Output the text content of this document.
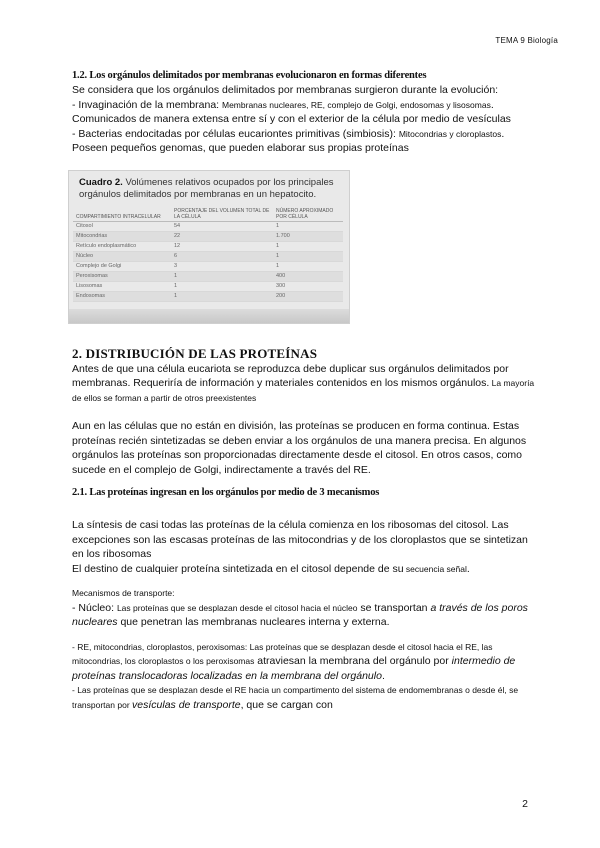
TEMA 9 Biología
1.2. Los orgánulos delimitados por membranas evolucionaron en formas diferentes

Se considera que los orgánulos delimitados por membranas surgieron durante la evolución:

- Invaginación de la membrana: Membranas nucleares, RE, complejo de Golgi, endosomas y lisosomas. Comunicados de manera extensa entre sí y con el exterior de la célula por medio de vesículas

- Bacterias endocitadas por células eucariontes primitivas (simbiosis): Mitocondrias y cloroplastos. Poseen pequeños genomas, que pueden elaborar sus propias proteínas

Cuadro 2. Volúmenes relativos ocupados por los principales orgánulos delimitados por membranas en un hepatocito.
COMPARTIMIENTO INTRACELULAR	PORCENTAJE DEL VOLUMEN TOTAL DE LA CÉLULA	NÚMERO APROXIMADO POR CÉLULA
Citosol	54	1
Mitocondrias	22	1.700
Retículo endoplasmático	12	1
Núcleo	6	1
Complejo de Golgi	3	1
Peroxisomas	1	400
Lisosomas	1	300
Endosomas	1	200
2. DISTRIBUCIÓN DE LAS PROTEÍNAS

Antes de que una célula eucariota se reproduzca debe duplicar sus orgánulos delimitados por membranas. Requeriría de información y materiales contenidos en los mismos orgánulos. La mayoría de ellos se forman a partir de otros preexistentes

Aun en las células que no están en división, las proteínas se producen en forma continua. Estas proteínas recién sintetizadas se deben enviar a los orgánulos de una manera precisa. En algunos orgánulos las proteínas son proporcionadas directamente desde el citosol. En otros casos, como sucede en el complejo de Golgi, indirectamente a través del RE.

2.1. Las proteínas ingresan en los orgánulos por medio de 3 mecanismos

La síntesis de casi todas las proteínas de la célula comienza en los ribosomas del citosol. Las excepciones son las escasas proteínas de las mitocondrias y de los cloroplastos que se sintetizan en los ribosomas

El destino de cualquier proteína sintetizada en el citosol depende de su secuencia señal.

Mecanismos de transporte:

- Núcleo: Las proteínas que se desplazan desde el citosol hacia el núcleo se transportan a través de los poros nucleares que penetran las membranas nucleares interna y externa.

- RE, mitocondrias, cloroplastos, peroxisomas: Las proteínas que se desplazan desde el citosol hacia el RE, las mitocondrias, los cloroplastos o los peroxisomas atraviesan la membrana del orgánulo por intermedio de proteínas translocadoras localizadas en la membrana del orgánulo.

- Las proteínas que se desplazan desde el RE hacia un compartimento del sistema de endomembranas o desde él, se transportan por vesículas de transporte, que se cargan con

2
